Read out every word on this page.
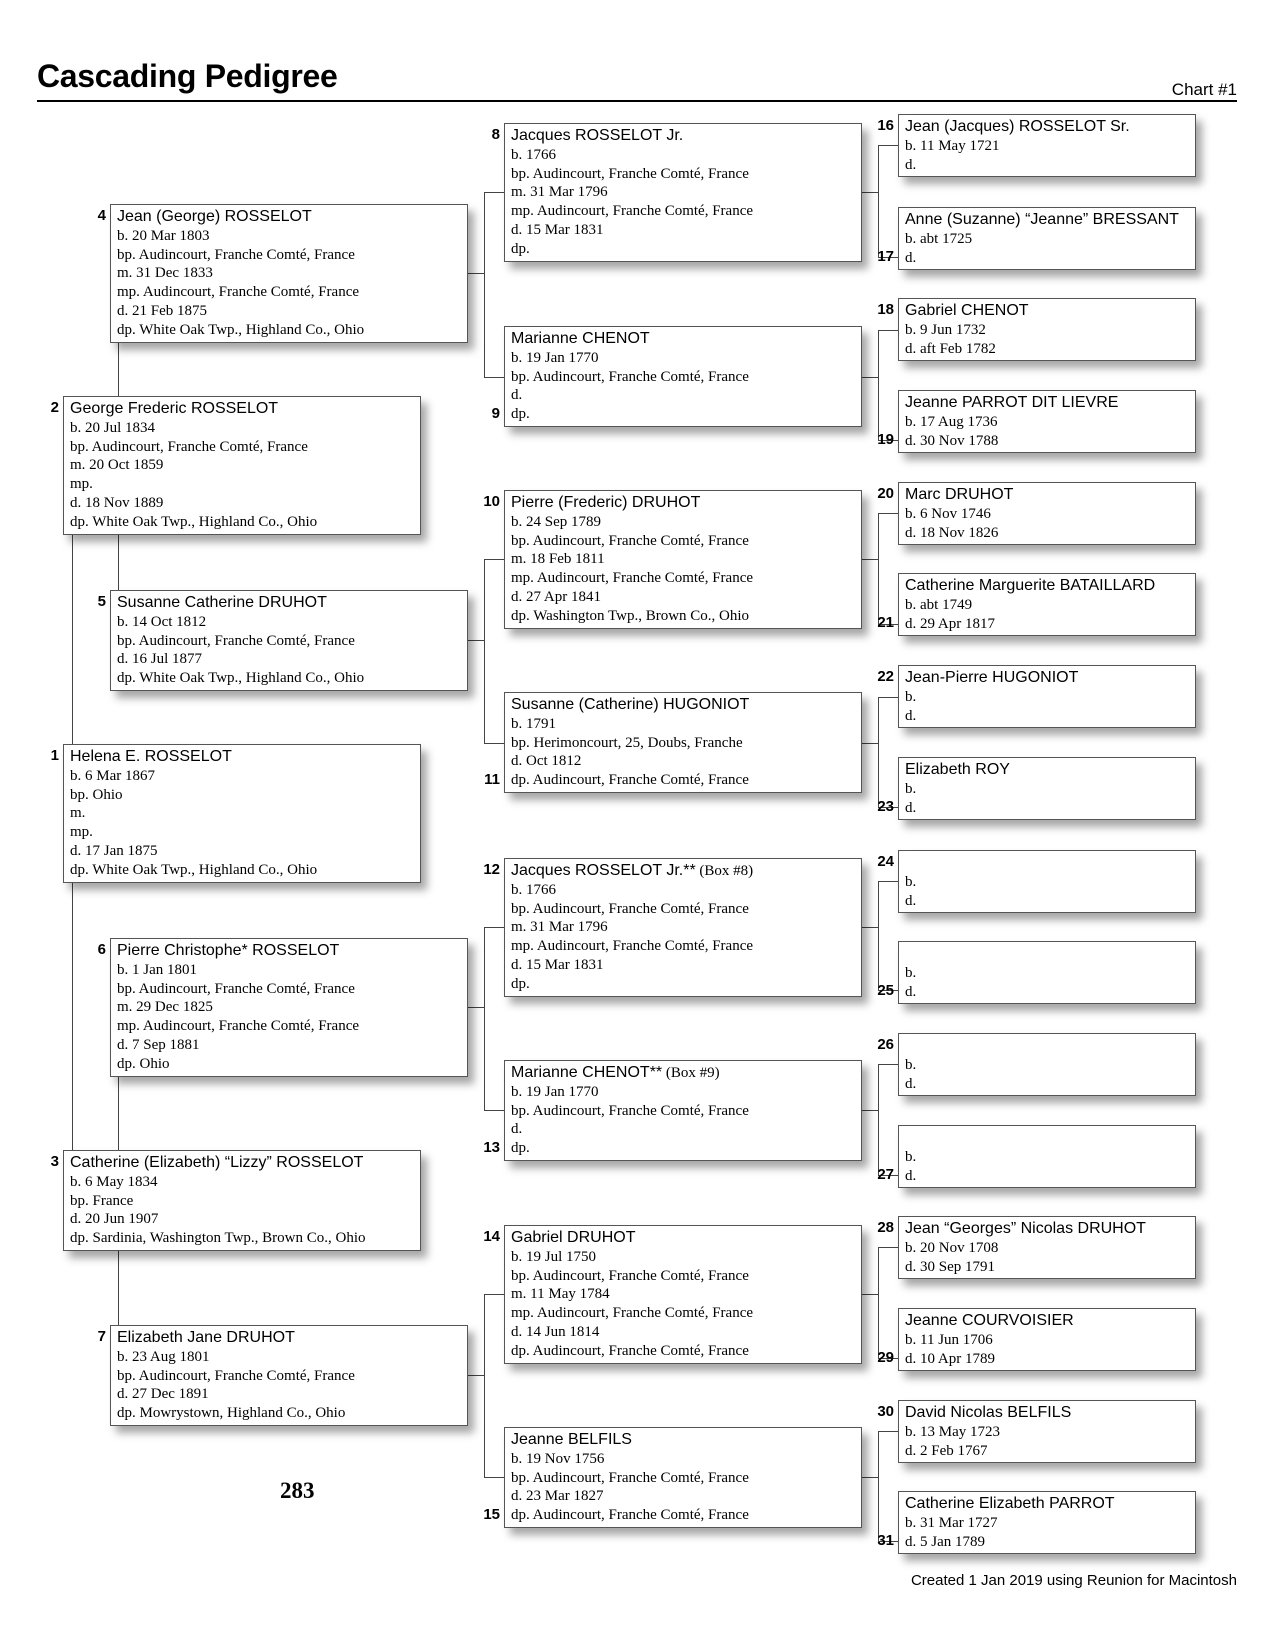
Cascading Pedigree	Chart #1
Helena E. ROSSELOT
b. 6 Mar 1867
bp. Ohio
m.
mp.
d. 17 Jan 1875
dp. White Oak Twp., Highland Co., Ohio
1
George Frederic ROSSELOT
b. 20 Jul 1834
bp. Audincourt, Franche Comté, France
m. 20 Oct 1859
mp.
d. 18 Nov 1889
dp. White Oak Twp., Highland Co., Ohio
2
Catherine (Elizabeth) “Lizzy” ROSSELOT
b. 6 May 1834
bp. France
d. 20 Jun 1907
dp. Sardinia, Washington Twp., Brown Co., Ohio
3
Jean (George) ROSSELOT
b. 20 Mar 1803
bp. Audincourt, Franche Comté, France
m. 31 Dec 1833
mp. Audincourt, Franche Comté, France
d. 21 Feb 1875
dp. White Oak Twp., Highland Co., Ohio
4
Susanne Catherine DRUHOT
b. 14 Oct 1812
bp. Audincourt, Franche Comté, France
d. 16 Jul 1877
dp. White Oak Twp., Highland Co., Ohio
5
Pierre Christophe* ROSSELOT
b. 1 Jan 1801
bp. Audincourt, Franche Comté, France
m. 29 Dec 1825
mp. Audincourt, Franche Comté, France
d. 7 Sep 1881
dp. Ohio
6
Elizabeth Jane DRUHOT
b. 23 Aug 1801
bp. Audincourt, Franche Comté, France
d. 27 Dec 1891
dp. Mowrystown, Highland Co., Ohio
7
Jacques ROSSELOT Jr.
b. 1766
bp. Audincourt, Franche Comté, France
m. 31 Mar 1796
mp. Audincourt, Franche Comté, France
d. 15 Mar 1831
dp.
8
Marianne CHENOT
b. 19 Jan 1770
bp. Audincourt, Franche Comté, France
d.
dp.
9
Pierre (Frederic) DRUHOT
b. 24 Sep 1789
bp. Audincourt, Franche Comté, France
m. 18 Feb 1811
mp. Audincourt, Franche Comté, France
d. 27 Apr 1841
dp. Washington Twp., Brown Co., Ohio
10
Susanne (Catherine) HUGONIOT
b. 1791
bp. Herimoncourt, 25, Doubs, Franche
d. Oct 1812
dp. Audincourt, Franche Comté, France
11
Jacques ROSSELOT Jr.** (Box #8)
b. 1766
bp. Audincourt, Franche Comté, France
m. 31 Mar 1796
mp. Audincourt, Franche Comté, France
d. 15 Mar 1831
dp.
12
Marianne CHENOT** (Box #9)
b. 19 Jan 1770
bp. Audincourt, Franche Comté, France
d.
dp.
13
Gabriel DRUHOT
b. 19 Jul 1750
bp. Audincourt, Franche Comté, France
m. 11 May 1784
mp. Audincourt, Franche Comté, France
d. 14 Jun 1814
dp. Audincourt, Franche Comté, France
14
Jeanne BELFILS
b. 19 Nov 1756
bp. Audincourt, Franche Comté, France
d. 23 Mar 1827
dp. Audincourt, Franche Comté, France
15
Jean (Jacques) ROSSELOT Sr.
b. 11 May 1721
d.
16
Anne (Suzanne) “Jeanne” BRESSANT
b. abt 1725
d.
17
Gabriel CHENOT
b. 9 Jun 1732
d. aft Feb 1782
18
Jeanne PARROT DIT LIEVRE
b. 17 Aug 1736
d. 30 Nov 1788
19
Marc DRUHOT
b. 6 Nov 1746
d. 18 Nov 1826
20
Catherine Marguerite BATAILLARD
b. abt 1749
d. 29 Apr 1817
21
Jean-Pierre HUGONIOT
b.
d.
22
Elizabeth ROY
b.
d.
23

b.
d.
24

b.
d.
25

b.
d.
26

b.
d.
27
Jean “Georges” Nicolas DRUHOT
b. 20 Nov 1708
d. 30 Sep 1791
28
Jeanne COURVOISIER
b. 11 Jun 1706
d. 10 Apr 1789
29
David Nicolas BELFILS
b. 13 May 1723
d. 2 Feb 1767
30
Catherine Elizabeth PARROT
b. 31 Mar 1727
d. 5 Jan 1789
31
283
Created 1 Jan 2019 using Reunion for Macintosh
